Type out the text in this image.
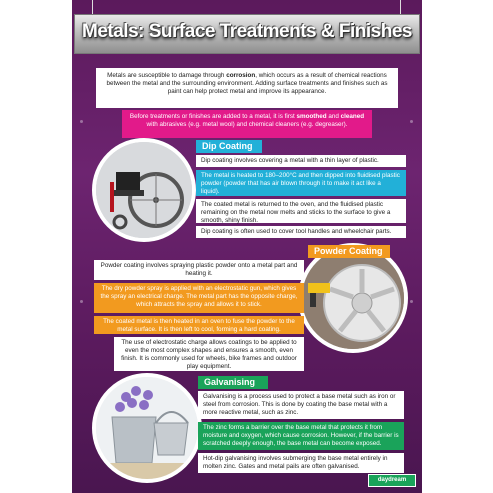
Metals: Surface Treatments & Finishes
Metals are susceptible to damage through corrosion, which occurs as a result of chemical reactions between the metal and the surrounding environment. Adding surface treatments and finishes such as paint can help protect metal and improve its appearance.
Before treatments or finishes are added to a metal, it is first smoothed and cleaned with abrasives (e.g. metal wool) and chemical cleaners (e.g. degreaser).
Dip Coating
Dip coating involves covering a metal with a thin layer of plastic.
The metal is heated to 180–200°C and then dipped into fluidised plastic powder (powder that has air blown through it to make it act like a liquid).
The coated metal is returned to the oven, and the fluidised plastic remaining on the metal now melts and sticks to the surface to give a smooth, shiny finish.
Dip coating is often used to cover tool handles and wheelchair parts.
Powder Coating
Powder coating involves spraying plastic powder onto a metal part and heating it.
The dry powder spray is applied with an electrostatic gun, which gives the spray an electrical charge. The metal part has the opposite charge, which attracts the spray and allows it to stick.
The coated metal is then heated in an oven to fuse the powder to the metal surface. It is then left to cool, forming a hard coating.
The use of electrostatic charge allows coatings to be applied to even the most complex shapes and ensures a smooth, even finish. It is commonly used for wheels, bike frames and outdoor play equipment.
Galvanising
Galvanising is a process used to protect a base metal such as iron or steel from corrosion. This is done by coating the base metal with a more reactive metal, such as zinc.
The zinc forms a barrier over the base metal that protects it from moisture and oxygen, which cause corrosion. However, if the barrier is scratched deeply enough, the base metal can become exposed.
Hot-dip galvanising involves submerging the base metal entirely in molten zinc. Gates and metal pails are often galvanised.
daydream
